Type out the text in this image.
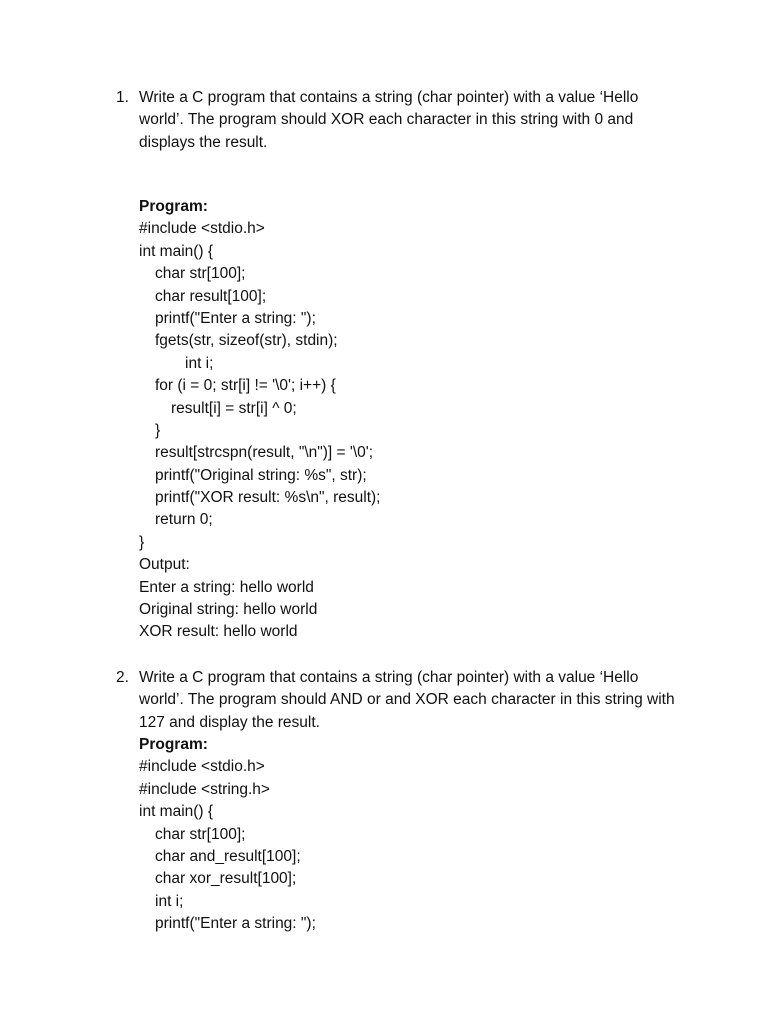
1. Write a C program that contains a string (char pointer) with a value ‘Hello world’. The program should XOR each character in this string with 0 and displays the result.
Program:
#include <stdio.h>
int main() {
char str[100];
char result[100];
printf("Enter a string: ");
fgets(str, sizeof(str), stdin);
int i;
for (i = 0; str[i] != '\0'; i++) {
result[i] = str[i] ^ 0;
}
result[strcspn(result, "\n")] = '\0';
printf("Original string: %s", str);
printf("XOR result: %s\n", result);
return 0;
}
Output:
Enter a string: hello world
Original string: hello world
XOR result: hello world
2. Write a C program that contains a string (char pointer) with a value ‘Hello world’. The program should AND or and XOR each character in this string with 127 and display the result.
Program:
#include <stdio.h>
#include <string.h>
int main() {
char str[100];
char and_result[100];
char xor_result[100];
int i;
printf("Enter a string: ");
